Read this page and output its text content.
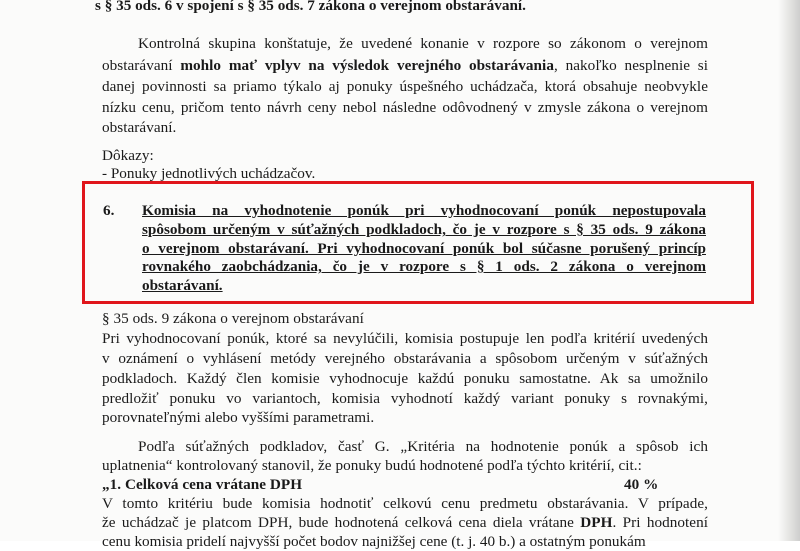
s § 35 ods. 6 v spojení s § 35 ods. 7 zákona o verejnom obstarávaní.
Kontrolná skupina konštatuje, že uvedené konanie v rozpore so zákonom o verejnom
obstarávaní mohlo mať vplyv na výsledok verejného obstarávania, nakoľko nesplnenie si
danej povinnosti sa priamo týkalo aj ponuky úspešného uchádzača, ktorá obsahuje neobvykle
nízku cenu, pričom tento návrh ceny nebol následne odôvodnený v zmysle zákona o verejnom
obstarávaní.
Dôkazy:
- Ponuky jednotlivých uchádzačov.
6. Komisia na vyhodnotenie ponúk pri vyhodnocovaní ponúk nepostupovala
spôsobom určeným v súťažných podkladoch, čo je v rozpore s § 35 ods. 9 zákona
o verejnom obstarávaní. Pri vyhodnocovaní ponúk bol súčasne porušený princíp
rovnakého zaobchádzania, čo je v rozpore s § 1 ods. 2 zákona o verejnom
obstarávaní.
§ 35 ods. 9 zákona o verejnom obstarávaní
Pri vyhodnocovaní ponúk, ktoré sa nevylúčili, komisia postupuje len podľa kritérií uvedených
v oznámení o vyhlásení metódy verejného obstarávania a spôsobom určeným v súťažných
podkladoch. Každý člen komisie vyhodnocuje každú ponuku samostatne. Ak sa umožnilo
predložiť ponuku vo variantoch, komisia vyhodnotí každý variant ponuky s rovnakými,
porovnateľnými alebo vyššími parametrami.
Podľa súťažných podkladov, časť G. „Kritéria na hodnotenie ponúk a spôsob ich
uplatnenia“ kontrolovaný stanovil, že ponuky budú hodnotené podľa týchto kritérií, cit.:
„1. Celková cena vrátane DPH	40 %
V tomto kritériu bude komisia hodnotiť celkovú cenu predmetu obstarávania. V prípade,
že uchádzač je platcom DPH, bude hodnotená celková cena diela vrátane DPH. Pri hodnotení
cenu komisia pridelí najvyšší počet bodov najnižšej cene (t. j. 40 b.) a ostatným ponukám
